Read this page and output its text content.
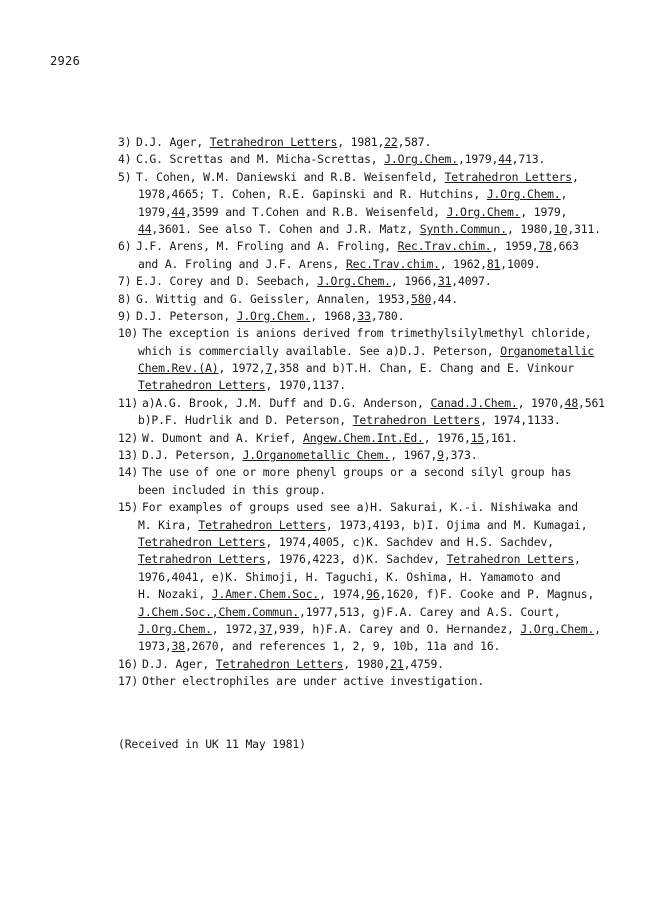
2926
3) D.J. Ager, Tetrahedron Letters, 1981,22,587.
4) C.G. Screttas and M. Micha-Screttas, J.Org.Chem.,1979,44,713.
5) T. Cohen, W.M. Daniewski and R.B. Weisenfeld, Tetrahedron Letters,
1978,4665; T. Cohen, R.E. Gapinski and R. Hutchins, J.Org.Chem.,
1979,44,3599 and T.Cohen and R.B. Weisenfeld, J.Org.Chem., 1979,
44,3601. See also T. Cohen and J.R. Matz, Synth.Commun., 1980,10,311.
6) J.F. Arens, M. Froling and A. Froling, Rec.Trav.chim., 1959,78,663
and A. Froling and J.F. Arens, Rec.Trav.chim., 1962,81,1009.
7) E.J. Corey and D. Seebach, J.Org.Chem., 1966,31,4097.
8) G. Wittig and G. Geissler, Annalen, 1953,580,44.
9) D.J. Peterson, J.Org.Chem., 1968,33,780.
10) The exception is anions derived from trimethylsilylmethyl chloride,
which is commercially available. See a)D.J. Peterson, Organometallic
Chem.Rev.(A), 1972,7,358 and b)T.H. Chan, E. Chang and E. Vinkour
Tetrahedron Letters, 1970,1137.
11) a)A.G. Brook, J.M. Duff and D.G. Anderson, Canad.J.Chem., 1970,48,561
b)P.F. Hudrlik and D. Peterson, Tetrahedron Letters, 1974,1133.
12) W. Dumont and A. Krief, Angew.Chem.Int.Ed., 1976,15,161.
13) D.J. Peterson, J.Organometallic Chem., 1967,9,373.
14) The use of one or more phenyl groups or a second silyl group has
been included in this group.
15) For examples of groups used see a)H. Sakurai, K.-i. Nishiwaka and
M. Kira, Tetrahedron Letters, 1973,4193, b)I. Ojima and M. Kumagai,
Tetrahedron Letters, 1974,4005, c)K. Sachdev and H.S. Sachdev,
Tetrahedron Letters, 1976,4223, d)K. Sachdev, Tetrahedron Letters,
1976,4041, e)K. Shimoji, H. Taguchi, K. Oshima, H. Yamamoto and
H. Nozaki, J.Amer.Chem.Soc., 1974,96,1620, f)F. Cooke and P. Magnus,
J.Chem.Soc.,Chem.Commun.,1977,513, g)F.A. Carey and A.S. Court,
J.Org.Chem., 1972,37,939, h)F.A. Carey and O. Hernandez, J.Org.Chem.,
1973,38,2670, and references 1, 2, 9, 10b, 11a and 16.
16) D.J. Ager, Tetrahedron Letters, 1980,21,4759.
17) Other electrophiles are under active investigation.
(Received in UK 11 May 1981)
